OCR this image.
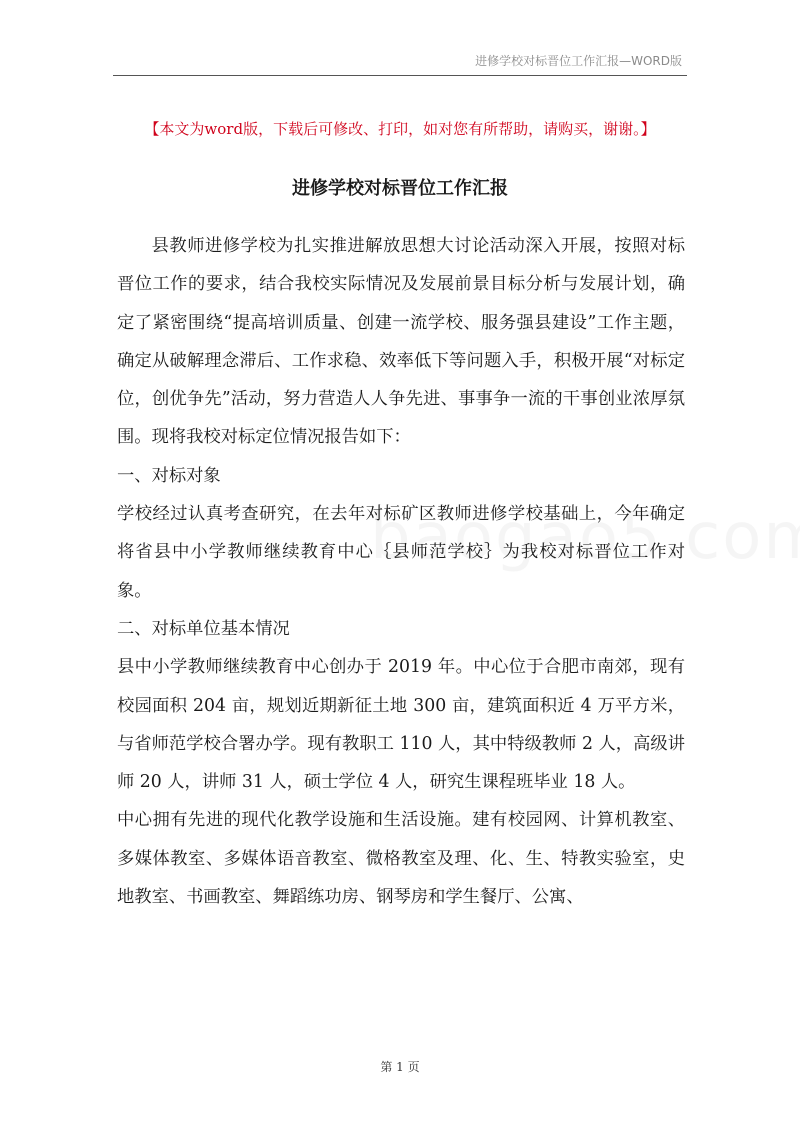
进修学校对标晋位工作汇报—WORD版
【本文为word版，下载后可修改、打印，如对您有所帮助，请购买，谢谢。】
进修学校对标晋位工作汇报

县教师进修学校为扎实推进解放思想大讨论活动深入开展，按照对标晋位工作的要求，结合我校实际情况及发展前景目标分析与发展计划，确定了紧密围绕“提高培训质量、创建一流学校、服务强县建设”工作主题，确定从破解理念滞后、工作求稳、效率低下等问题入手，积极开展“对标定位，创优争先”活动，努力营造人人争先进、事事争一流的干事创业浓厚氛围。现将我校对标定位情况报告如下：

一、对标对象

学校经过认真考查研究，在去年对标矿区教师进修学校基础上，今年确定将省县中小学教师继续教育中心｛县师范学校｝为我校对标晋位工作对象。

二、对标单位基本情况

县中小学教师继续教育中心创办于 2019 年。中心位于合肥市南郊，现有校园面积 204 亩，规划近期新征土地 300 亩，建筑面积近 4 万平方米，与省师范学校合署办学。现有教职工 110 人，其中特级教师 2 人，高级讲师 20 人，讲师 31 人，硕士学位 4 人，研究生课程班毕业 18 人。

中心拥有先进的现代化教学设施和生活设施。建有校园网、计算机教室、多媒体教室、多媒体语音教室、微格教室及理、化、生、特教实验室，史地教室、书画教室、舞蹈练功房、钢琴房和学生餐厅、公寓、

第 1 页
